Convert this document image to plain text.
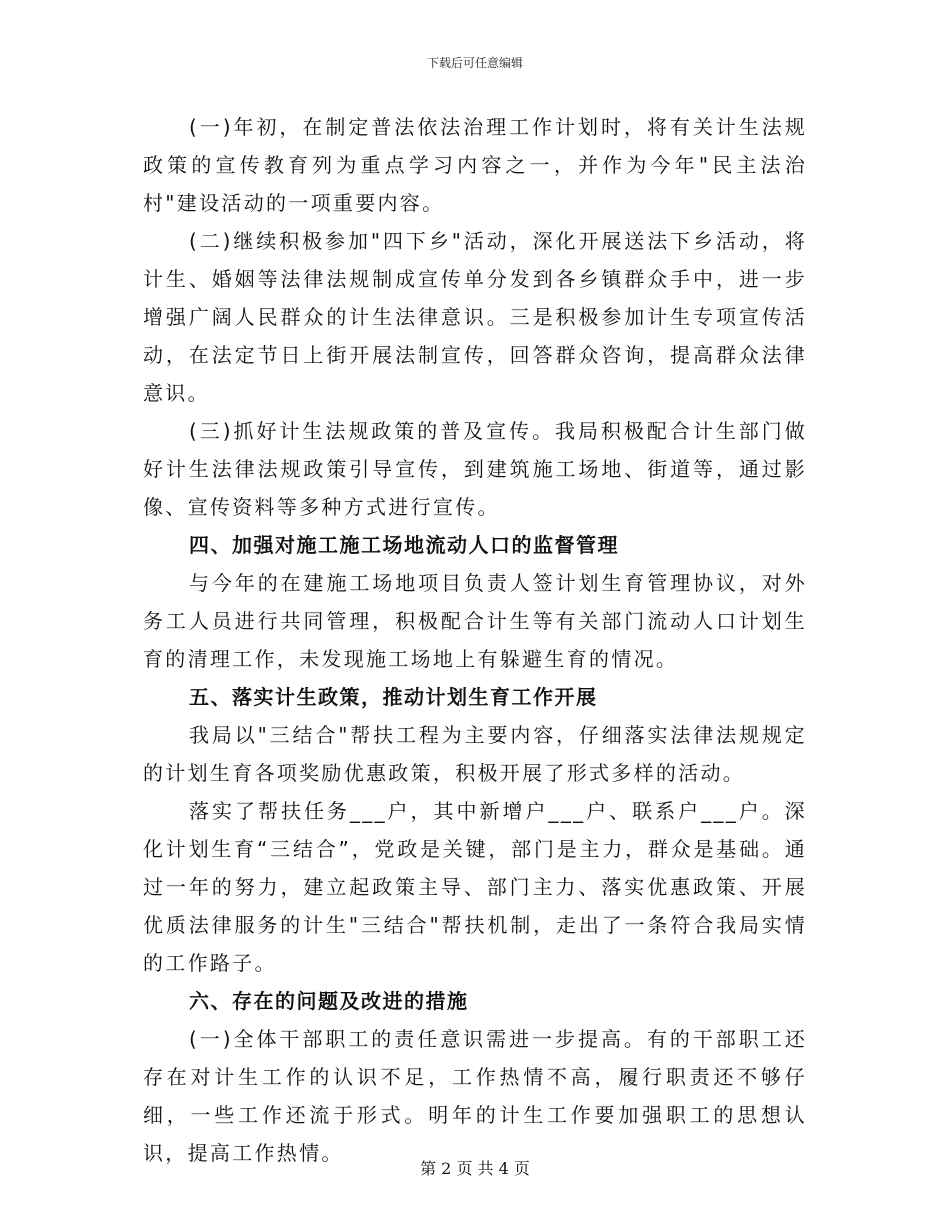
下载后可任意编辑

(一)年初，在制定普法依法治理工作计划时，将有关计生法规政策的宣传教育列为重点学习内容之一，并作为今年"民主法治村"建设活动的一项重要内容。

(二)继续积极参加"四下乡"活动，深化开展送法下乡活动，将计生、婚姻等法律法规制成宣传单分发到各乡镇群众手中，进一步增强广阔人民群众的计生法律意识。三是积极参加计生专项宣传活动，在法定节日上街开展法制宣传，回答群众咨询，提高群众法律意识。

(三)抓好计生法规政策的普及宣传。我局积极配合计生部门做好计生法律法规政策引导宣传，到建筑施工场地、街道等，通过影像、宣传资料等多种方式进行宣传。

四、加强对施工施工场地流动人口的监督管理

与今年的在建施工场地项目负责人签计划生育管理协议，对外务工人员进行共同管理，积极配合计生等有关部门流动人口计划生育的清理工作，未发现施工场地上有躲避生育的情况。

五、落实计生政策，推动计划生育工作开展

我局以"三结合"帮扶工程为主要内容，仔细落实法律法规规定的计划生育各项奖励优惠政策，积极开展了形式多样的活动。

落实了帮扶任务___户，其中新增户___户、联系户___户。深化计划生育“三结合”，党政是关键，部门是主力，群众是基础。通过一年的努力，建立起政策主导、部门主力、落实优惠政策、开展优质法律服务的计生"三结合"帮扶机制，走出了一条符合我局实情的工作路子。

六、存在的问题及改进的措施

(一)全体干部职工的责任意识需进一步提高。有的干部职工还存在对计生工作的认识不足，工作热情不高，履行职责还不够仔细，一些工作还流于形式。明年的计生工作要加强职工的思想认识，提高工作热情。

第 2 页 共 4 页
